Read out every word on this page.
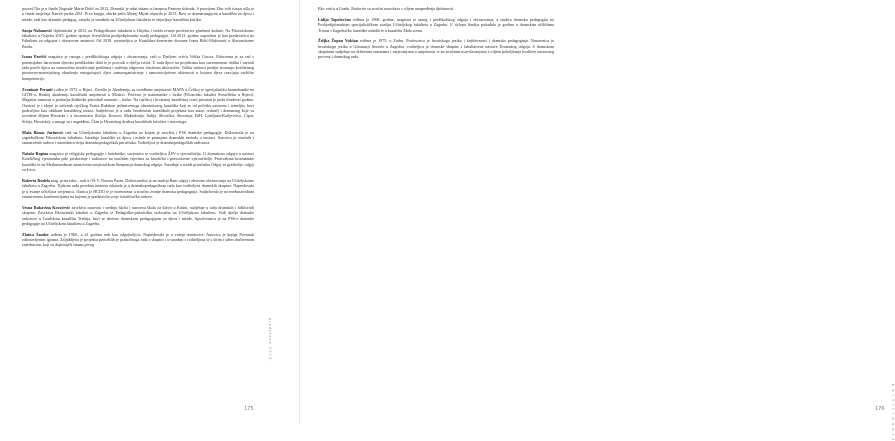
pozori[?]ta je u finale Nagrade Marin Držić za 2012. Dramski je tekst tekam u časopisu Fantom slobode. S poezijom Zbir tvih istrazi ušla je u finale natječaja Natreb jezika 2011. Prva knjiga, zbirka priča Mozaj Mijda objavila je 2013. Bavi se dramatizagijom u kazalištu za djecu i mlade, radi kao dramski pedagog, vanjski je suradnik na Učiteljskom fakultetu te objavljuje kazališnu kritiku.

Sanja Nuhanović diplomirala je 2012. na Pedagoškome fakultetu u Osijeku i stekla zvanje profesorice glazbene kulture. Na Filozofskome fakultetu u Osijeku 2015. godine upisuje Sveučilišni poslijediplomski studij pedagogije. Od 2013. godine zaposlena je kao predavačica na Fakultetu za odgojne i obrazovne znanosti. Od 2018. ravnateljica je Kazališno-koncertne dvorane Ivana Brlić-Mažuranić u Slavonskome Brodu.

Ivana Pavičić magistra je ranoga i predškolskoga odgoja i obrazovanja, radi u Dječjem vrtiću Velika Gorica. Educirana je za rad s potencijalno darovitom djecom predškolske dobi te je provodi u dječju vrtića. U radu djece na projektima kao suvremenom obliku i metodi rada potiče djecu na samostalno istraživanje problema i traženja odgovora vlastitom aktivnošću. Veliku važnost pridaje stvaranju kvalitetnog prostorno-materijalnog okruženja omogućujući djeci samoorganiziranje i samoinicijativne aktivnosti u kojima djeca razvijaju različite kompetencije.

Zvonimir Peranić rođen je 1973. u Rijeci. Završio je Akademiju za izvedbene umjetnosti MAPA u Češkoj te specijalistiku biomehanike na GITIS-u, Ruskoj akademiji kazališnih umjetnosti u Moskvi. Profesor je matematike i fizike (Filozofski fakultet Sveučilišta u Rijeci). Magistar znanosti u području didaktike prirodnih znanosti – fizike. Na riječkoj i hrvatskoj kazališnoj sceni prisutan je podu dvadeset godina. Osnivač je i idejni je začetnik riječkog Teatra Rubikon jedinstvenoga alternativnog kazališta koji se od početka sustavno i temeljito bavi područjem kao oblikom kazališnog izraza. Sudjelovao je u radu četrdesetak kazališnih projekata kao autor, redatelj i dramaturg koje su izvedene diljem Hrvatske i u inozemstvu (Italija, Kosovo, Makedonija, Italija, Slovačka, Slovenija, BiH, Ljubljanu-Kraljevstvo, Cipar, Srbija, Hrvatska), a mnogi su i nagrađeni. Član je Hrvatskog društva kazališnih kritičara i teatrologa.

Maša Rimac Jurinović radi na Učiteljskome fakultetu u Zagrebu na kojem je završila i PSS dramske pedagogije. Doktorirala je na zagrebačkom Filozofskom fakultetu. Istražuje kazalište za djecu i mlade te promjenu dramskih metoda u nastavi. Autorica je stručnih i znanstvenih radova i suurednica dviju dramskopedagoških priručnika. Voditeljica je dramskopedagoških radionica.

Nataša Rogina magistra je religijske pedagogije i katehetike, savjetnica te voditeljica ŽSV-a vjeroučitelja. O dramskom odgoju u nastavi Katoličkog vjeronauka piše predavanje i radionice na stručnim vijećima za katoličke i pravoslavne vjeroučitelje. Festivalima krizmanske kazalište te na Međunarodnom znanstveno-umjetničkom Simpoziju dramskog odgoja. Surađuje u izradi priručnika Odgoj za graditelje, odgoj za život.

Roberta Rudela mag. prim.educ., radi u OŠ V. Nazora Pazin. Doktorandica je na studiju Rani odgoj i obvezno obrazovanje na Učiteljskome fakultetu u Zagrebu. Tijekom rada posebnu interesu iskazala je u dramskopedagoškom radu kao voditeljica dramskih skupina. Napredovala je u zvanje učiteljica savjetnica, članica je HCDO te je imenovana u stručno zvanje dramska pedagoginja. Sudjelovala je na međunarodnim znanstvenim konferencijama na kojima je predstavila svoje istraživačke radove.

Vesna Rukavina Kovačević završava osnovnu i srednju školu i osnovnu školu za klavir u Kutini, sudjeluje u radu dramskih i folklornih skupina. Završava Ekonomski fakultet u Zagrebu te Pedagoško-psihološku izobrazbu na Učiteljskom fakultetu. Vodi dječje dramske radionice u Gradskom kazalištu Trešnja, bavi se aktivno dramskom pedagogijom za djecu i mlade. Apsolventica je na PSS-u dramske pedagogije na Učiteljskom fakultetu u Zagrebu.

Zlatica Šandor rođena je 1960., a 41 godinu radi kao odgojiteljica. Napredovala je u zvanje mentorice. Autorica je knjige Povratak zaboravljenim igrama. Zaljubljena je projektu protožilih je praktičnoga rada s skupini i u suradnji s roditeljima te s širim i užim društvenom zajednicom, koji su doprinijeli stanau prvog

predstave 2010.
175

Eko vrtića u Gradu. Radovite su stručni usavršava s ciljem unapređenja djelatnosti.

Lidija Topolovčan rođena je 1968. godine, magistra je ranog i predškolskog odgoja i obrazovanja, a studira dramsku pedagogiju na Poslijediplomskom specijalističkom studiju Učiteljskog fakulteta u Zagrebu. U sklopu Studija pohađala je godinu u dramskim učilištima Trisme i Zagrebačko kazalište mladih te u kazalištu Mala scena.

Željka Župan Vukšan rođena je 1975. u Zadru. Profesorica je hrvatskoga jezika i književnosti i dramska pedagoginja. Nastavnica je hrvatskoga jezika u Gimnaziji Sesvete u Zagrebu, voditeljica je dramske skupine i fakultativne nastave Dramskog odgoja. S dramskom skupinom sudjeluje na državnim smotrama i natjecanjima u umjetnosti te na stručnim usavršavanjima s ciljem poboljšanja kvalitete nastavnog procesa i dramskog rada.

p a r t i c i p a n t s
176
